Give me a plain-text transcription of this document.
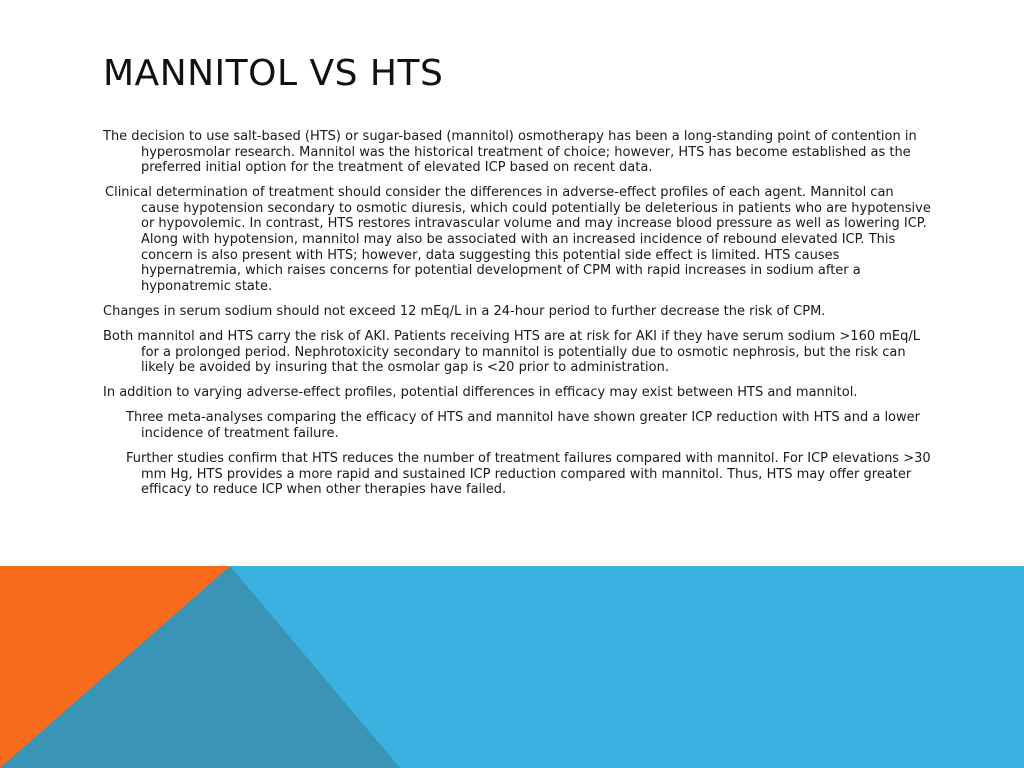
MANNITOL VS HTS

The decision to use salt-based (HTS) or sugar-based (mannitol) osmotherapy has been a long-standing point of contention in hyperosmolar research. Mannitol was the historical treatment of choice; however, HTS has become established as the preferred initial option for the treatment of elevated ICP based on recent data.

Clinical determination of treatment should consider the differences in adverse-effect profiles of each agent. Mannitol can cause hypotension secondary to osmotic diuresis, which could potentially be deleterious in patients who are hypotensive or hypovolemic. In contrast, HTS restores intravascular volume and may increase blood pressure as well as lowering ICP. Along with hypotension, mannitol may also be associated with an increased incidence of rebound elevated ICP. This concern is also present with HTS; however, data suggesting this potential side effect is limited. HTS causes hypernatremia, which raises concerns for potential development of CPM with rapid increases in sodium after a hyponatremic state.

Changes in serum sodium should not exceed 12 mEq/L in a 24-hour period to further decrease the risk of CPM.

Both mannitol and HTS carry the risk of AKI. Patients receiving HTS are at risk for AKI if they have serum sodium >160 mEq/L for a prolonged period. Nephrotoxicity secondary to mannitol is potentially due to osmotic nephrosis, but the risk can likely be avoided by insuring that the osmolar gap is <20 prior to administration.

In addition to varying adverse-effect profiles, potential differences in efficacy may exist between HTS and mannitol.

Three meta-analyses comparing the efficacy of HTS and mannitol have shown greater ICP reduction with HTS and a lower incidence of treatment failure.

Further studies confirm that HTS reduces the number of treatment failures compared with mannitol. For ICP elevations >30 mm Hg, HTS provides a more rapid and sustained ICP reduction compared with mannitol. Thus, HTS may offer greater efficacy to reduce ICP when other therapies have failed.
